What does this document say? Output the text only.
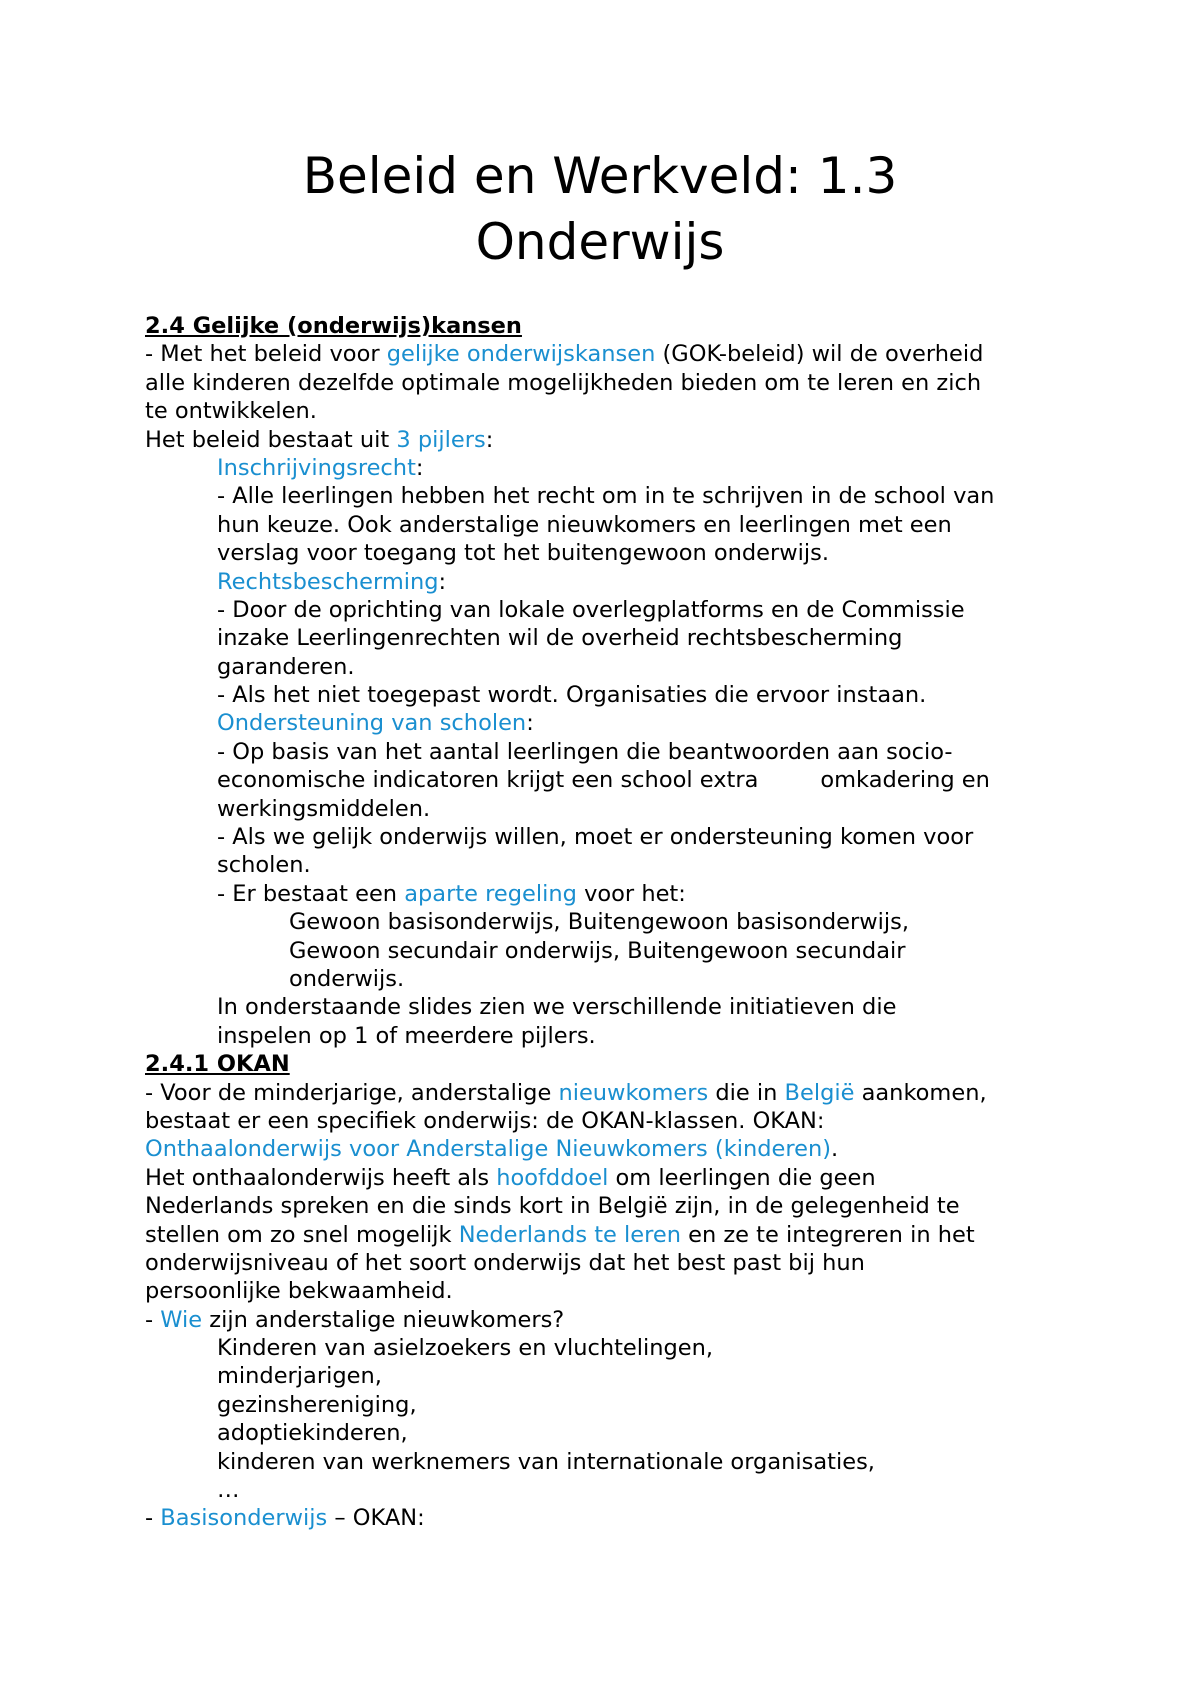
Beleid en Werkveld: 1.3
Onderwijs
2.4 Gelijke (onderwijs)kansen
- Met het beleid voor gelijke onderwijskansen (GOK-beleid) wil de overheid
alle kinderen dezelfde optimale mogelijkheden bieden om te leren en zich
te ontwikkelen.
Het beleid bestaat uit 3 pijlers:
Inschrijvingsrecht:
- Alle leerlingen hebben het recht om in te schrijven in de school van
hun keuze. Ook anderstalige nieuwkomers en leerlingen met een
verslag voor toegang tot het buitengewoon onderwijs.
Rechtsbescherming:
- Door de oprichting van lokale overlegplatforms en de Commissie
inzake Leerlingenrechten wil de overheid rechtsbescherming
garanderen.
- Als het niet toegepast wordt. Organisaties die ervoor instaan.
Ondersteuning van scholen:
- Op basis van het aantal leerlingen die beantwoorden aan socio-
economische indicatoren krijgt een school extra	omkadering en
werkingsmiddelen.
- Als we gelijk onderwijs willen, moet er ondersteuning komen voor
scholen.
- Er bestaat een aparte regeling voor het:
Gewoon basisonderwijs, Buitengewoon basisonderwijs,
Gewoon secundair onderwijs, Buitengewoon secundair
onderwijs.
In onderstaande slides zien we verschillende initiatieven die
inspelen op 1 of meerdere pijlers.
2.4.1 OKAN
- Voor de minderjarige, anderstalige nieuwkomers die in België aankomen,
bestaat er een specifiek onderwijs: de OKAN-klassen. OKAN:
Onthaalonderwijs voor Anderstalige Nieuwkomers (kinderen).
Het onthaalonderwijs heeft als hoofddoel om leerlingen die geen
Nederlands spreken en die sinds kort in België zijn, in de gelegenheid te
stellen om zo snel mogelijk Nederlands te leren en ze te integreren in het
onderwijsniveau of het soort onderwijs dat het best past bij hun
persoonlijke bekwaamheid.
- Wie zijn anderstalige nieuwkomers?
Kinderen van asielzoekers en vluchtelingen,
minderjarigen,
gezinshereniging,
adoptiekinderen,
kinderen van werknemers van internationale organisaties,
…
- Basisonderwijs – OKAN:
